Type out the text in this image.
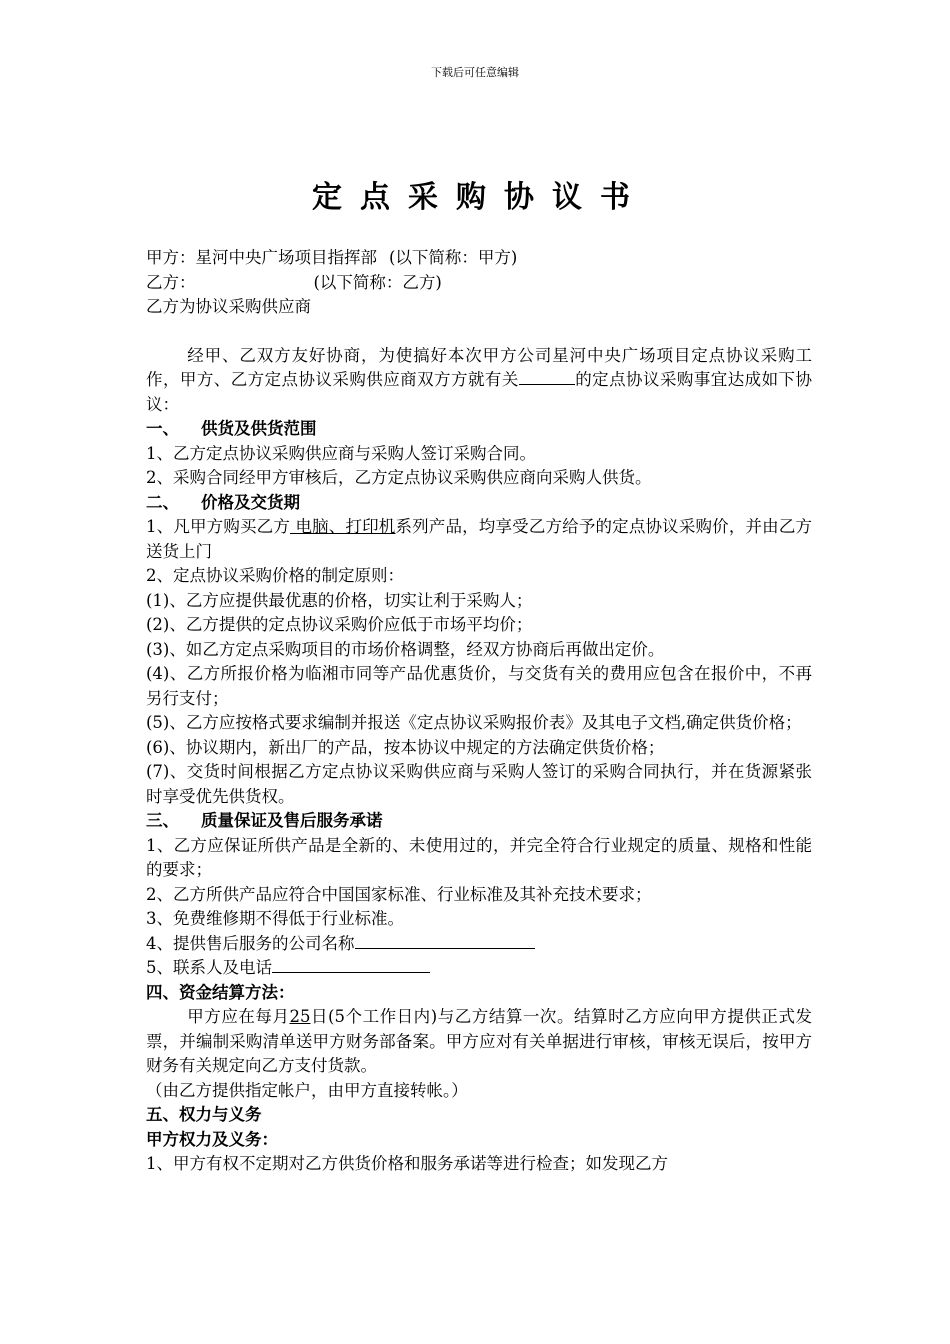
下载后可任意编辑
定点采购协议书

甲方：星河中央广场项目指挥部 (以下简称：甲方)

乙方：	(以下简称：乙方)

乙方为协议采购供应商

经甲、乙双方友好协商，为使搞好本次甲方公司星河中央广场项目定点协议采购工作，甲方、乙方定点协议采购供应商双方方就有关	的定点协议采购事宜达成如下协议：

一、 供货及供货范围

1、乙方定点协议采购供应商与采购人签订采购合同。

2、采购合同经甲方审核后，乙方定点协议采购供应商向采购人供货。

二、 价格及交货期

1、凡甲方购买乙方 电脑、打印机系列产品，均享受乙方给予的定点协议采购价，并由乙方送货上门

2、定点协议采购价格的制定原则：

(1)、乙方应提供最优惠的价格，切实让利于采购人；

(2)、乙方提供的定点协议采购价应低于市场平均价；

(3)、如乙方定点采购项目的市场价格调整，经双方协商后再做出定价。

(4)、乙方所报价格为临湘市同等产品优惠货价，与交货有关的费用应包含在报价中，不再另行支付；

(5)、乙方应按格式要求编制并报送《定点协议采购报价表》及其电子文档,确定供货价格；

(6)、协议期内，新出厂的产品，按本协议中规定的方法确定供货价格；

(7)、交货时间根据乙方定点协议采购供应商与采购人签订的采购合同执行，并在货源紧张时享受优先供货权。

三、 质量保证及售后服务承诺

1、乙方应保证所供产品是全新的、未使用过的，并完全符合行业规定的质量、规格和性能的要求；

2、乙方所供产品应符合中国国家标准、行业标准及其补充技术要求；

3、免费维修期不得低于行业标准。

4、提供售后服务的公司名称

5、联系人及电话

四、资金结算方法：

甲方应在每月25日(5个工作日内)与乙方结算一次。结算时乙方应向甲方提供正式发票，并编制采购清单送甲方财务部备案。甲方应对有关单据进行审核，审核无误后，按甲方财务有关规定向乙方支付货款。

（由乙方提供指定帐户，由甲方直接转帐。）

五、权力与义务

甲方权力及义务：

1、甲方有权不定期对乙方供货价格和服务承诺等进行检查；如发现乙方
